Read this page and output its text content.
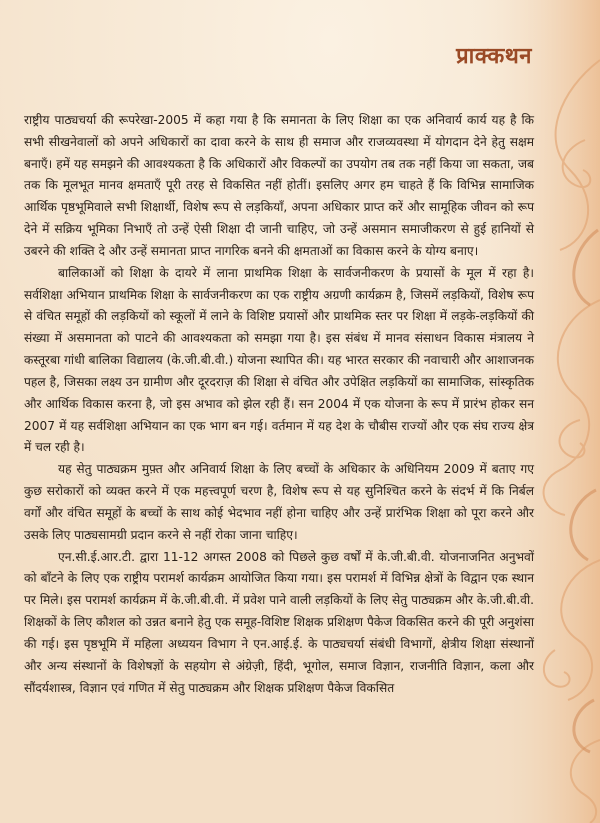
प्राक्कथन

राष्ट्रीय पाठ्यचर्या की रूपरेखा-2005 में कहा गया है कि समानता के लिए शिक्षा का एक अनिवार्य कार्य यह है कि सभी सीखनेवालों को अपने अधिकारों का दावा करने के साथ ही समाज और राजव्यवस्था में योगदान देने हेतु सक्षम बनाएँ। हमें यह समझने की आवश्यकता है कि अधिकारों और विकल्पों का उपयोग तब तक नहीं किया जा सकता, जब तक कि मूलभूत मानव क्षमताएँ पूरी तरह से विकसित नहीं होतीं। इसलिए अगर हम चाहते हैं कि विभिन्न सामाजिक आर्थिक पृष्ठभूमिवाले सभी शिक्षार्थी, विशेष रूप से लड़कियाँ, अपना अधिकार प्राप्त करें और सामूहिक जीवन को रूप देने में सक्रिय भूमिका निभाएँ तो उन्हें ऐसी शिक्षा दी जानी चाहिए, जो उन्हें असमान समाजीकरण से हुई हानियों से उबरने की शक्ति दे और उन्हें समानता प्राप्त नागरिक बनने की क्षमताओं का विकास करने के योग्य बनाए।

बालिकाओं को शिक्षा के दायरे में लाना प्राथमिक शिक्षा के सार्वजनीकरण के प्रयासों के मूल में रहा है। सर्वशिक्षा अभियान प्राथमिक शिक्षा के सार्वजनीकरण का एक राष्ट्रीय अग्रणी कार्यक्रम है, जिसमें लड़कियों, विशेष रूप से वंचित समूहों की लड़कियों को स्कूलों में लाने के विशिष्ट प्रयासों और प्राथमिक स्तर पर शिक्षा में लड़के-लड़कियों की संख्या में असमानता को पाटने की आवश्यकता को समझा गया है। इस संबंध में मानव संसाधन विकास मंत्रालय ने कस्तूरबा गांधी बालिका विद्यालय (के.जी.बी.वी.) योजना स्थापित की। यह भारत सरकार की नवाचारी और आशाजनक पहल है, जिसका लक्ष्य उन ग्रामीण और दूरदराज़ की शिक्षा से वंचित और उपेक्षित लड़कियों का सामाजिक, सांस्कृतिक और आर्थिक विकास करना है, जो इस अभाव को झेल रही हैं। सन 2004 में एक योजना के रूप में प्रारंभ होकर सन 2007 में यह सर्वशिक्षा अभियान का एक भाग बन गई। वर्तमान में यह देश के चौबीस राज्यों और एक संघ राज्य क्षेत्र में चल रही है।

यह सेतु पाठ्यक्रम मुफ़्त और अनिवार्य शिक्षा के लिए बच्चों के अधिकार के अधिनियम 2009 में बताए गए कुछ सरोकारों को व्यक्त करने में एक महत्त्वपूर्ण चरण है, विशेष रूप से यह सुनिश्चित करने के संदर्भ में कि निर्बल वर्गों और वंचित समूहों के बच्चों के साथ कोई भेदभाव नहीं होना चाहिए और उन्हें प्रारंभिक शिक्षा को पूरा करने और उसके लिए पाठ्यसामग्री प्रदान करने से नहीं रोका जाना चाहिए।

एन.सी.ई.आर.टी. द्वारा 11-12 अगस्त 2008 को पिछले कुछ वर्षों में के.जी.बी.वी. योजनाजनित अनुभवों को बाँटने के लिए एक राष्ट्रीय परामर्श कार्यक्रम आयोजित किया गया। इस परामर्श में विभिन्न क्षेत्रों के विद्वान एक स्थान पर मिले। इस परामर्श कार्यक्रम में के.जी.बी.वी. में प्रवेश पाने वाली लड़कियों के लिए सेतु पाठ्यक्रम और के.जी.बी.वी. शिक्षकों के लिए कौशल को उन्नत बनाने हेतु एक समूह-विशिष्ट शिक्षक प्रशिक्षण पैकेज विकसित करने की पूरी अनुशंसा की गई। इस पृष्ठभूमि में महिला अध्ययन विभाग ने एन.आई.ई. के पाठ्यचर्या संबंधी विभागों, क्षेत्रीय शिक्षा संस्थानों और अन्य संस्थानों के विशेषज्ञों के सहयोग से अंग्रेज़ी, हिंदी, भूगोल, समाज विज्ञान, राजनीति विज्ञान, कला और सौंदर्यशास्त्र, विज्ञान एवं गणित में सेतु पाठ्यक्रम और शिक्षक प्रशिक्षण पैकेज विकसित
